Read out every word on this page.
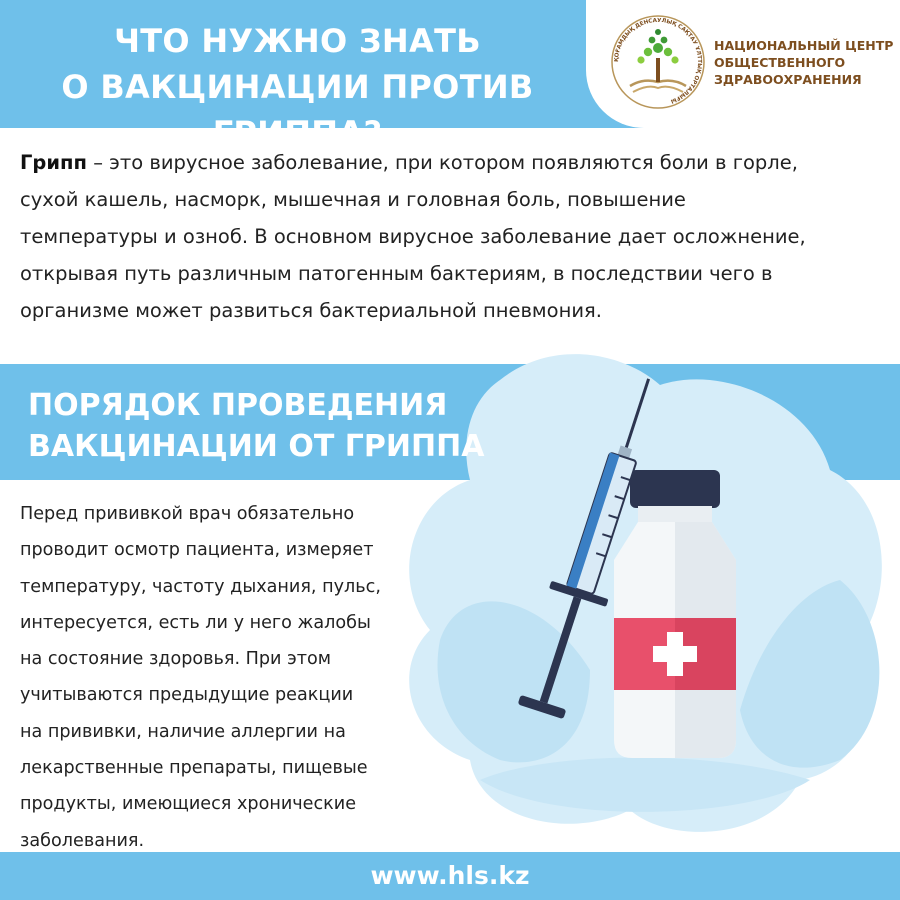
ЧТО НУЖНО ЗНАТЬ
О ВАКЦИНАЦИИ ПРОТИВ ГРИППА?
ҚОҒАМДЫҚ ДЕНСАУЛЫҚ САҚТАУ ҰЛТТЫҚ ОРТАЛЫҒЫ
НАЦИОНАЛЬНЫЙ ЦЕНТР
ОБЩЕСТВЕННОГО
ЗДРАВООХРАНЕНИЯ
Грипп – это вирусное заболевание, при котором появляются боли в горле,
сухой кашель, насморк, мышечная и головная боль, повышение
температуры и озноб. В основном вирусное заболевание дает осложнение,
открывая путь различным патогенным бактериям, в последствии чего в
организме может развиться бактериальной пневмония.
ПОРЯДОК ПРОВЕДЕНИЯ
ВАКЦИНАЦИИ ОТ ГРИППА
Перед прививкой врач обязательно
проводит осмотр пациента, измеряет
температуру, частоту дыхания, пульс,
интересуется, есть ли у него жалобы
на состояние здоровья. При этом
учитываются предыдущие реакции
на прививки, наличие аллергии на
лекарственные препараты, пищевые
продукты, имеющиеся хронические
заболевания.
www.hls.kz
